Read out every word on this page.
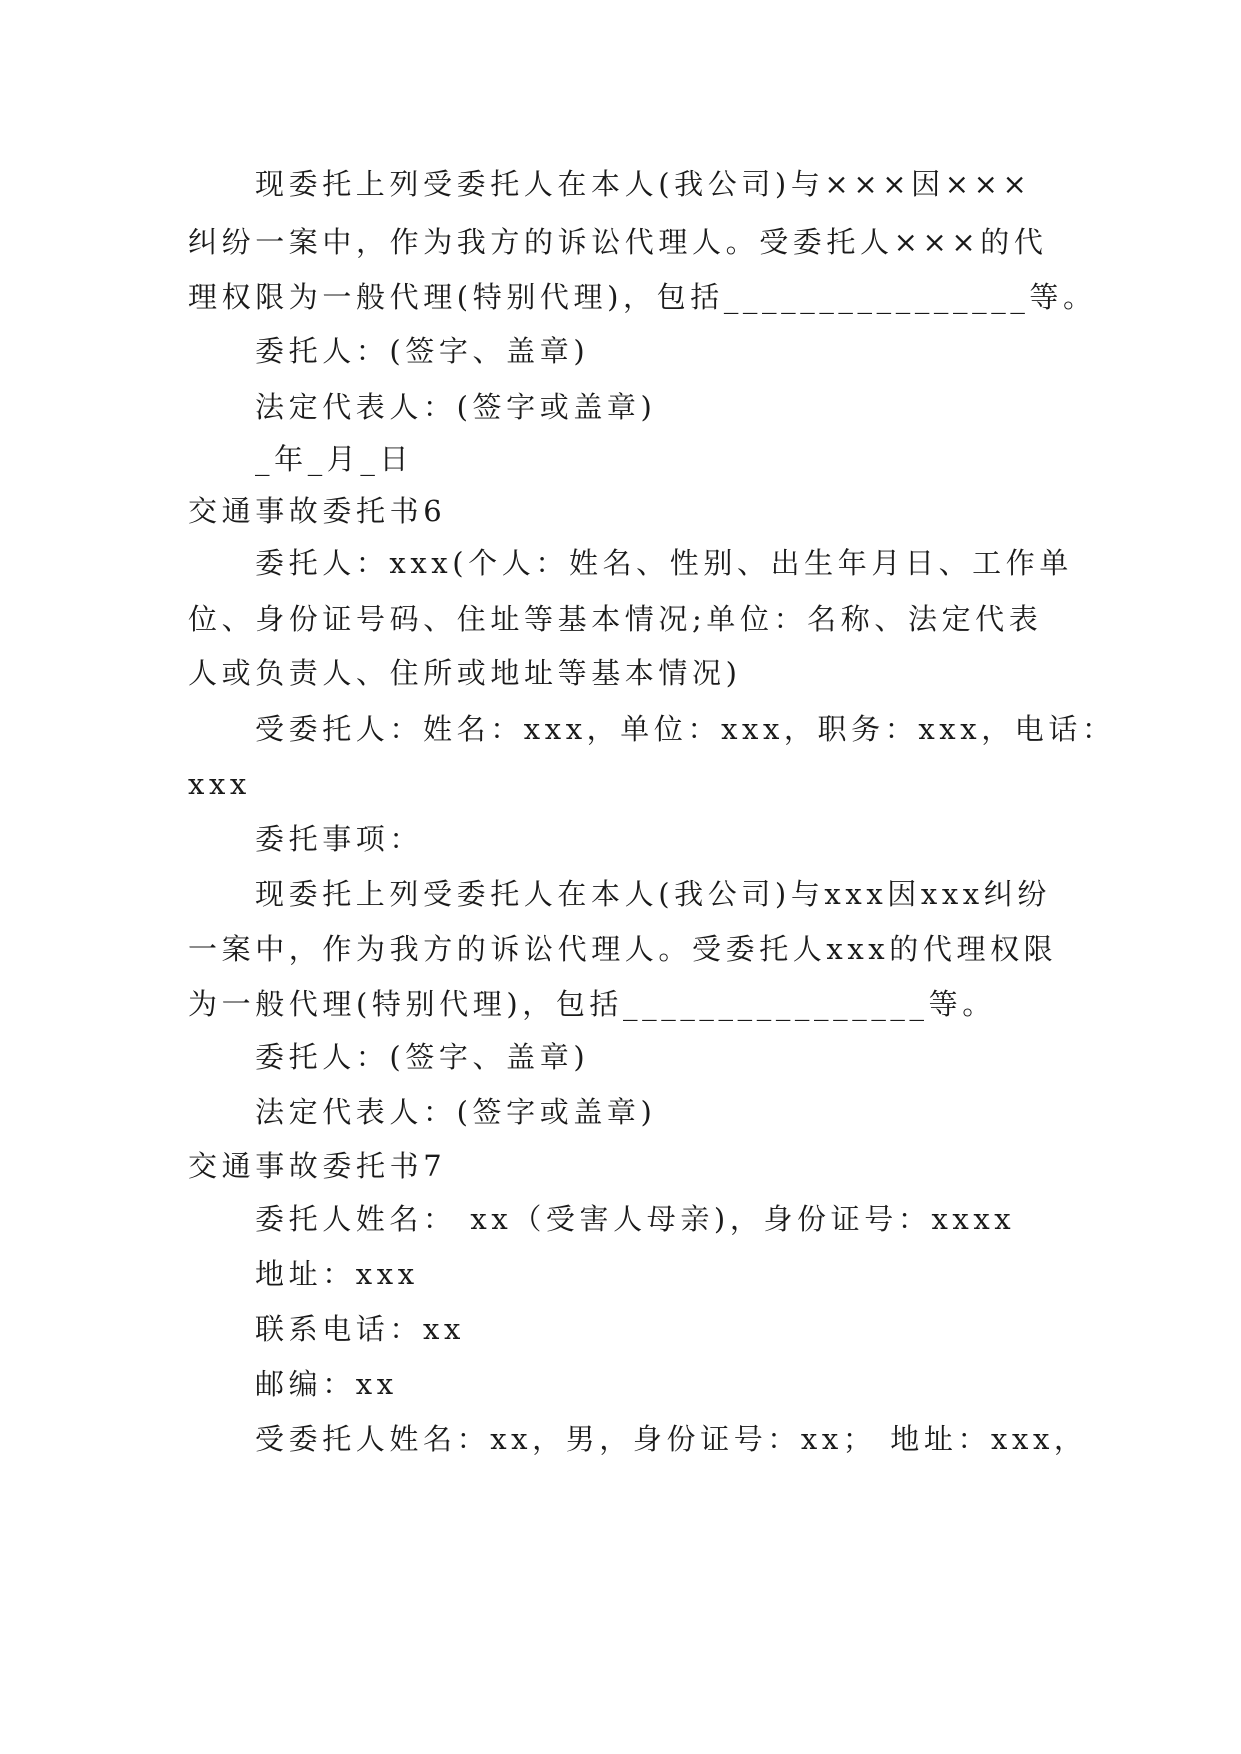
现委托上列受委托人在本人(我公司)与×××因×××
纠纷一案中，作为我方的诉讼代理人。受委托人×××的代
理权限为一般代理(特别代理)，包括________________等。
委托人：(签字、盖章)
法定代表人：(签字或盖章)
_年_月_日
交通事故委托书6
委托人：xxx(个人：姓名、性别、出生年月日、工作单
位、身份证号码、住址等基本情况;单位：名称、法定代表
人或负责人、住所或地址等基本情况)
受委托人：姓名：xxx，单位：xxx，职务：xxx，电话：
xxx
委托事项：
现委托上列受委托人在本人(我公司)与xxx因xxx纠纷
一案中，作为我方的诉讼代理人。受委托人xxx的代理权限
为一般代理(特别代理)，包括________________等。
委托人：(签字、盖章)
法定代表人：(签字或盖章)
交通事故委托书7
委托人姓名： xx（受害人母亲)，身份证号：xxxx
地址：xxx
联系电话：xx
邮编：xx
受委托人姓名：xx，男，身份证号：xx； 地址：xxx，
